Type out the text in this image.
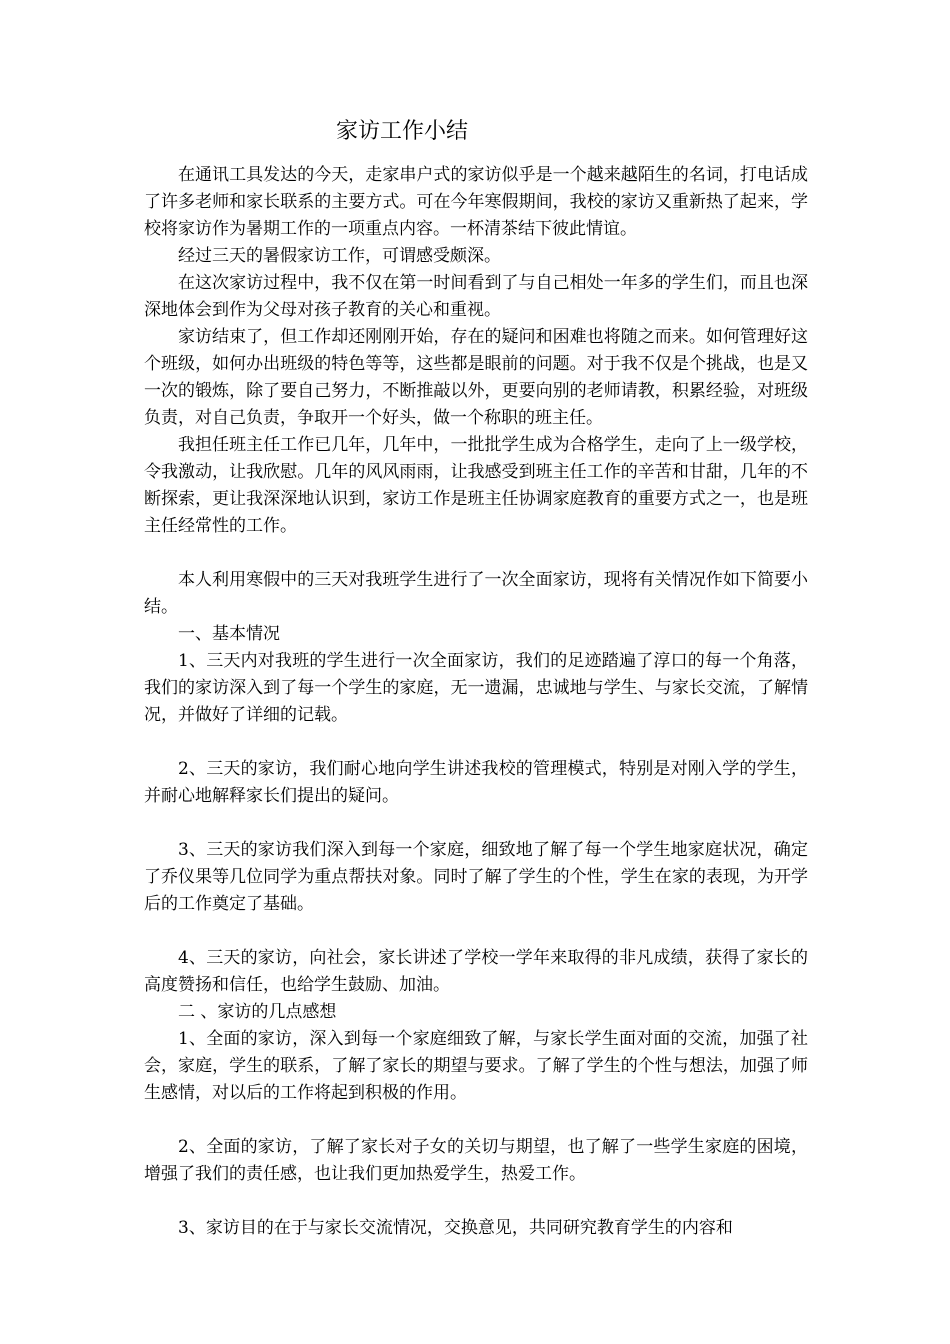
家访工作小结

在通讯工具发达的今天，走家串户式的家访似乎是一个越来越陌生的名词，打电话成了许多老师和家长联系的主要方式。可在今年寒假期间，我校的家访又重新热了起来，学校将家访作为暑期工作的一项重点内容。一杯清茶结下彼此情谊。

经过三天的暑假家访工作，可谓感受颇深。

在这次家访过程中，我不仅在第一时间看到了与自己相处一年多的学生们，而且也深深地体会到作为父母对孩子教育的关心和重视。

家访结束了，但工作却还刚刚开始，存在的疑问和困难也将随之而来。如何管理好这个班级，如何办出班级的特色等等，这些都是眼前的问题。对于我不仅是个挑战，也是又一次的锻炼，除了要自己努力，不断推敲以外，更要向别的老师请教，积累经验，对班级负责，对自己负责，争取开一个好头，做一个称职的班主任。

我担任班主任工作已几年，几年中，一批批学生成为合格学生，走向了上一级学校，令我激动，让我欣慰。几年的风风雨雨，让我感受到班主任工作的辛苦和甘甜，几年的不断探索，更让我深深地认识到，家访工作是班主任协调家庭教育的重要方式之一，也是班主任经常性的工作。

本人利用寒假中的三天对我班学生进行了一次全面家访，现将有关情况作如下简要小结。

一、基本情况

1、三天内对我班的学生进行一次全面家访，我们的足迹踏遍了淳口的每一个角落，我们的家访深入到了每一个学生的家庭，无一遗漏，忠诚地与学生、与家长交流，了解情况，并做好了详细的记载。

2、三天的家访，我们耐心地向学生讲述我校的管理模式，特别是对刚入学的学生，并耐心地解释家长们提出的疑问。

3、三天的家访我们深入到每一个家庭，细致地了解了每一个学生地家庭状况，确定了乔仪果等几位同学为重点帮扶对象。同时了解了学生的个性，学生在家的表现，为开学后的工作奠定了基础。

4、三天的家访，向社会，家长讲述了学校一学年来取得的非凡成绩，获得了家长的高度赞扬和信任，也给学生鼓励、加油。

二 、家访的几点感想

1、全面的家访，深入到每一个家庭细致了解，与家长学生面对面的交流，加强了社会，家庭，学生的联系，了解了家长的期望与要求。了解了学生的个性与想法，加强了师生感情，对以后的工作将起到积极的作用。

2、全面的家访，了解了家长对子女的关切与期望，也了解了一些学生家庭的困境，增强了我们的责任感，也让我们更加热爱学生，热爱工作。

3、家访目的在于与家长交流情况，交换意见，共同研究教育学生的内容和
